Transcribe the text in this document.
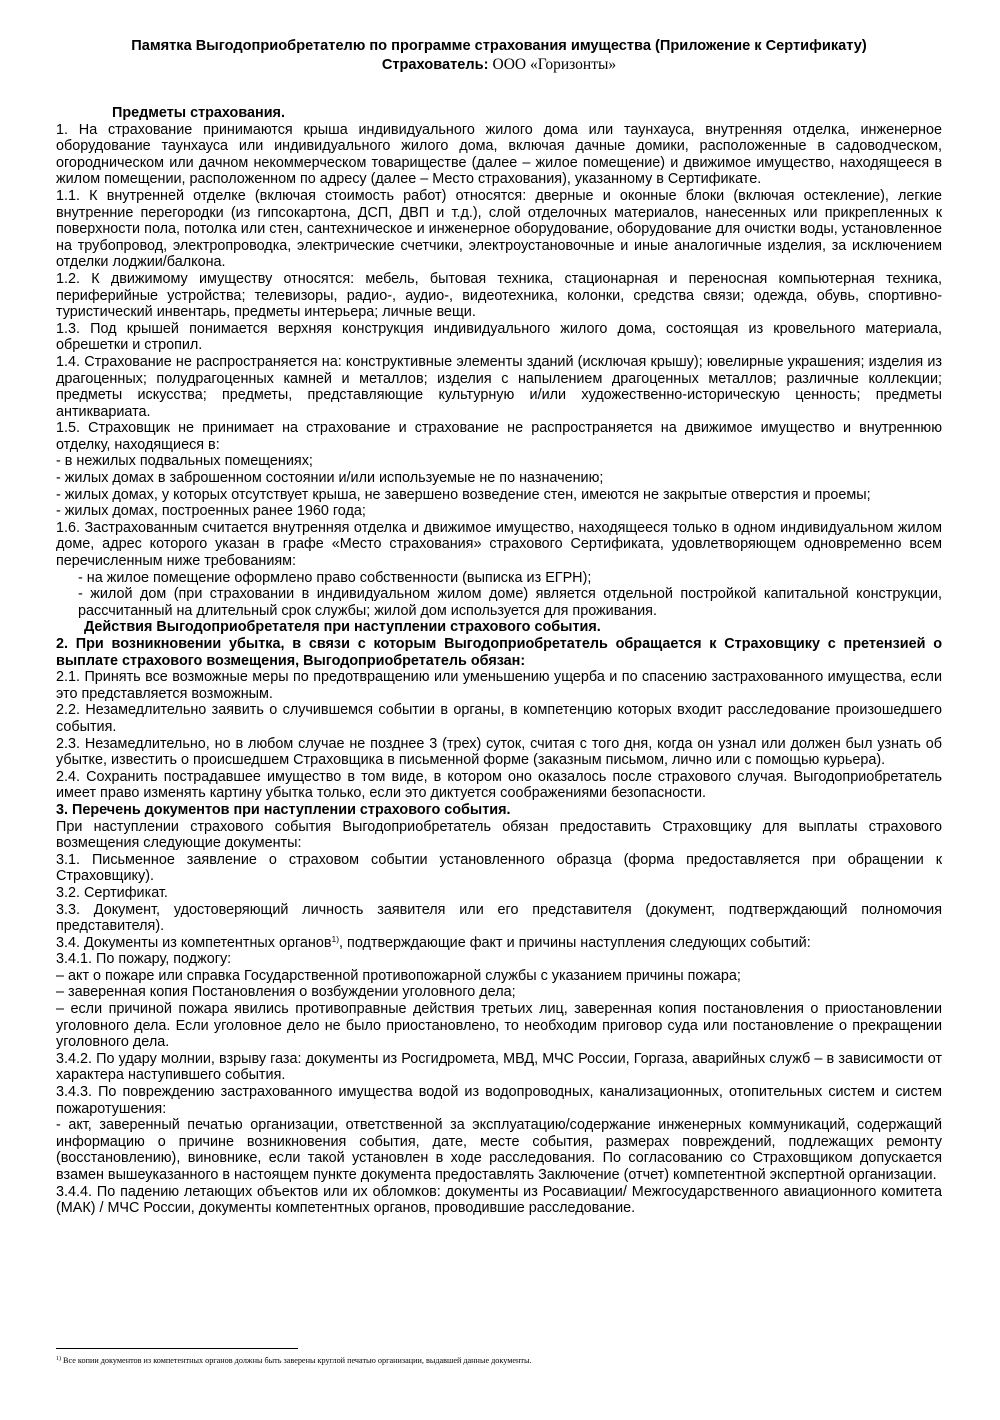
Памятка Выгодоприобретателю по программе страхования имущества (Приложение к Сертификату)

Страхователь: ООО «Горизонты»

Предметы страхования.

1. На страхование принимаются крыша индивидуального жилого дома или таунхауса, внутренняя отделка, инженерное оборудование таунхауса или индивидуального жилого дома, включая дачные домики, расположенные в садоводческом, огородническом или дачном некоммерческом товариществе (далее – жилое помещение) и движимое имущество, находящееся в жилом помещении, расположенном по адресу (далее – Место страхования), указанному в Сертификате.

1.1. К внутренней отделке (включая стоимость работ) относятся: дверные и оконные блоки (включая остекление), легкие внутренние перегородки (из гипсокартона, ДСП, ДВП и т.д.), слой отделочных материалов, нанесенных или прикрепленных к поверхности пола, потолка или стен, сантехническое и инженерное оборудование, оборудование для очистки воды, установленное на трубопровод, электропроводка, электрические счетчики, электроустановочные и иные аналогичные изделия, за исключением отделки лоджии/балкона.

1.2. К движимому имуществу относятся: мебель, бытовая техника, стационарная и переносная компьютерная техника, периферийные устройства; телевизоры, радио-, аудио-, видеотехника, колонки, средства связи; одежда, обувь, спортивно-туристический инвентарь, предметы интерьера; личные вещи.

1.3. Под крышей понимается верхняя конструкция индивидуального жилого дома, состоящая из кровельного материала, обрешетки и стропил.

1.4. Страхование не распространяется на: конструктивные элементы зданий (исключая крышу); ювелирные украшения; изделия из драгоценных; полудрагоценных камней и металлов; изделия с напылением драгоценных металлов; различные коллекции; предметы искусства; предметы, представляющие культурную и/или художественно-историческую ценность; предметы антиквариата.

1.5. Страховщик не принимает на страхование и страхование не распространяется на движимое имущество и внутреннюю отделку, находящиеся в:

- в нежилых подвальных помещениях;

- жилых домах в заброшенном состоянии и/или используемые не по назначению;

- жилых домах, у которых отсутствует крыша, не завершено возведение стен, имеются не закрытые отверстия и проемы;

- жилых домах, построенных ранее 1960 года;

1.6. Застрахованным считается внутренняя отделка и движимое имущество, находящееся только в одном индивидуальном жилом доме, адрес которого указан в графе «Место страхования» страхового Сертификата, удовлетворяющем одновременно всем перечисленным ниже требованиям:

- на жилое помещение оформлено право собственности (выписка из ЕГРН);

- жилой дом (при страховании в индивидуальном жилом доме) является отдельной постройкой капитальной конструкции, рассчитанный на длительный срок службы; жилой дом используется для проживания.

Действия Выгодоприобретателя при наступлении страхового события.

2. При возникновении убытка, в связи с которым Выгодоприобретатель обращается к Страховщику с претензией о выплате страхового возмещения, Выгодоприобретатель обязан:

2.1. Принять все возможные меры по предотвращению или уменьшению ущерба и по спасению застрахованного имущества, если это представляется возможным.

2.2. Незамедлительно заявить о случившемся событии в органы, в компетенцию которых входит расследование произошедшего события.

2.3. Незамедлительно, но в любом случае не позднее 3 (трех) суток, считая с того дня, когда он узнал или должен был узнать об убытке, известить о происшедшем Страховщика в письменной форме (заказным письмом, лично или с помощью курьера).

2.4. Сохранить пострадавшее имущество в том виде, в котором оно оказалось после страхового случая. Выгодоприобретатель имеет право изменять картину убытка только, если это диктуется соображениями безопасности.

3. Перечень документов при наступлении страхового события.

При наступлении страхового события Выгодоприобретатель обязан предоставить Страховщику для выплаты страхового возмещения следующие документы:

3.1. Письменное заявление о страховом событии установленного образца (форма предоставляется при обращении к Страховщику).

3.2. Сертификат.

3.3. Документ, удостоверяющий личность заявителя или его представителя (документ, подтверждающий полномочия представителя).

3.4. Документы из компетентных органов$^{1)}$, подтверждающие факт и причины наступления следующих событий:

3.4.1. По пожару, поджогу:

– акт о пожаре или справка Государственной противопожарной службы с указанием причины пожара;

– заверенная копия Постановления о возбуждении уголовного дела;

– если причиной пожара явились противоправные действия третьих лиц, заверенная копия постановления о приостановлении уголовного дела. Если уголовное дело не было приостановлено, то необходим приговор суда или постановление о прекращении уголовного дела.

3.4.2. По удару молнии, взрыву газа: документы из Росгидромета, МВД, МЧС России, Горгаза, аварийных служб – в зависимости от характера наступившего события.

3.4.3. По повреждению застрахованного имущества водой из водопроводных, канализационных, отопительных систем и систем пожаротушения:

- акт, заверенный печатью организации, ответственной за эксплуатацию/содержание инженерных коммуникаций, содержащий информацию о причине возникновения события, дате, месте события, размерах повреждений, подлежащих ремонту (восстановлению), виновнике, если такой установлен в ходе расследования. По согласованию со Страховщиком допускается взамен вышеуказанного в настоящем пункте документа предоставлять Заключение (отчет) компетентной экспертной организации.

3.4.4. По падению летающих объектов или их обломков: документы из Росавиации/ Межгосударственного авиационного комитета (МАК) / МЧС России, документы компетентных органов, проводившие расследование.

$^{1)}$ Все копии документов из компетентных органов должны быть заверены круглой печатью организации, выдавшей данные документы.
